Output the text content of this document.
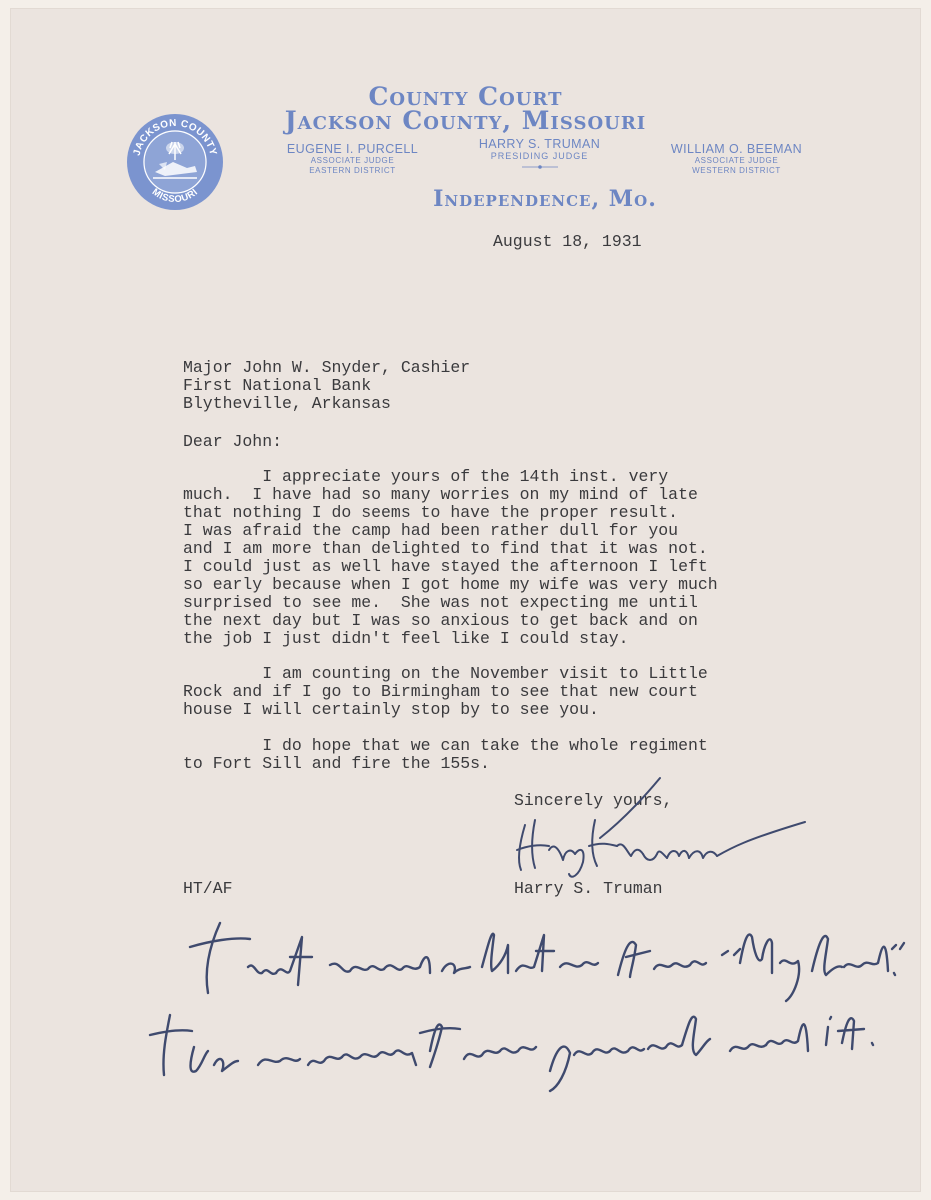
JACKSON COUNTY
MISSOURI
County Court
Jackson County, Missouri
EUGENE I. PURCELL
ASSOCIATE JUDGE
EASTERN DISTRICT
HARRY S. TRUMAN
PRESIDING JUDGE	WILLIAM O. BEEMAN
ASSOCIATE JUDGE
WESTERN DISTRICT
Independence, Mo.

August 18, 1931

Major John W. Snyder, Cashier
First National Bank
Blytheville, Arkansas

Dear John:

I appreciate yours of the 14th inst. very
much.  I have had so many worries on my mind of late
that nothing I do seems to have the proper result.
I was afraid the camp had been rather dull for you
and I am more than delighted to find that it was not.
I could just as well have stayed the afternoon I left
so early because when I got home my wife was very much
surprised to see me.  She was not expecting me until
the next day but I was so anxious to get back and on
the job I just didn't feel like I could stay.

I am counting on the November visit to Little
Rock and if I go to Birmingham to see that new court
house I will certainly stop by to see you.

I do hope that we can take the whole regiment
to Fort Sill and fire the 155s.

Sincerely yours,

HT/AF	Harry S. Truman
